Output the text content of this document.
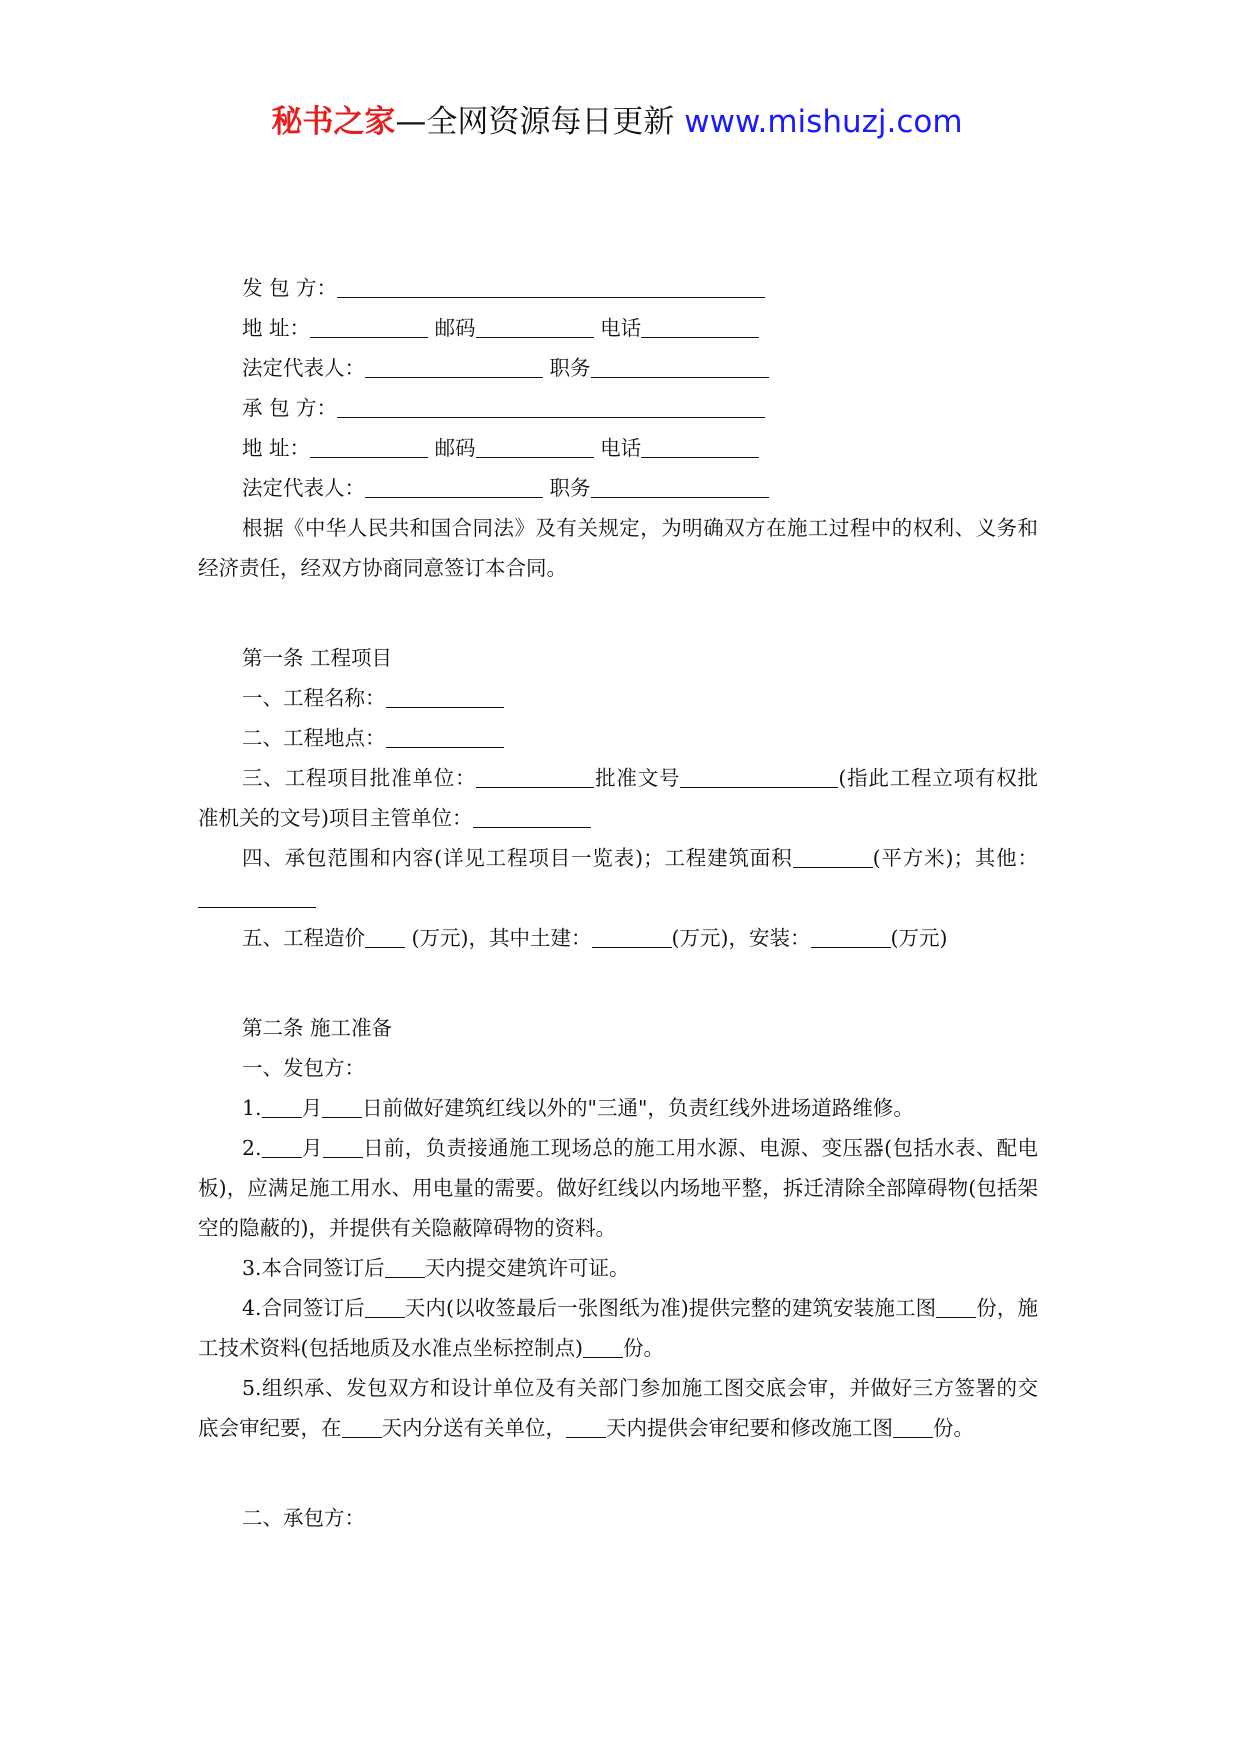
秘书之家—全网资源每日更新 www.mishuzj.com
发 包 方：
地 址：	邮码	电话
法定代表人：	职务
承 包 方：
地 址：	邮码	电话
法定代表人：	职务
根据《中华人民共和国合同法》及有关规定，为明确双方在施工过程中的权利、义务和经济责任，经双方协商同意签订本合同。
第一条 工程项目
一、工程名称：
二、工程地点：
三、工程项目批准单位：	批准文号	(指此工程立项有权批准机关的文号)项目主管单位：
四、承包范围和内容(详见工程项目一览表)；工程建筑面积	(平方米)；其他：
五、工程造价 (万元)，其中土建：	(万元)，安装：	(万元)
第二条 施工准备
一、发包方：
1. 月 日前做好建筑红线以外的"三通"，负责红线外进场道路维修。
2. 月 日前，负责接通施工现场总的施工用水源、电源、变压器(包括水表、配电板)，应满足施工用水、用电量的需要。做好红线以内场地平整，拆迁清除全部障碍物(包括架空的隐蔽的)，并提供有关隐蔽障碍物的资料。
3.本合同签订后 天内提交建筑许可证。
4.合同签订后 天内(以收签最后一张图纸为准)提供完整的建筑安装施工图 份，施工技术资料(包括地质及水准点坐标控制点) 份。
5.组织承、发包双方和设计单位及有关部门参加施工图交底会审，并做好三方签署的交底会审纪要，在 天内分送有关单位， 天内提供会审纪要和修改施工图 份。
二、承包方：
